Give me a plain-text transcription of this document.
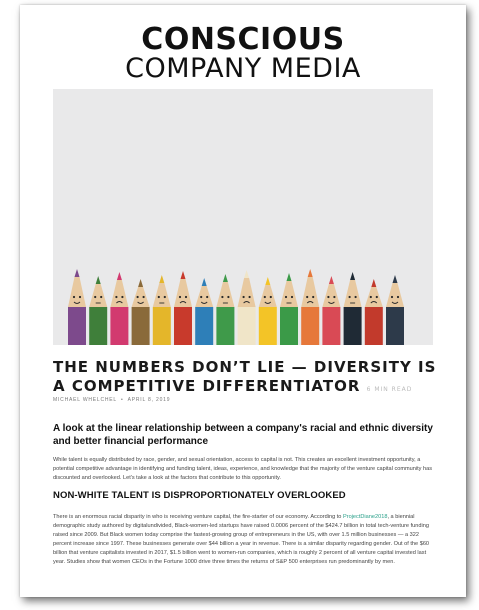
CONSCIOUS
COMPANY MEDIA
THE NUMBERS DON’T LIE — DIVERSITY IS A COMPETITIVE DIFFERENTIATOR 6 MIN READ
MICHAEL WHELCHEL • APRIL 8, 2019
A look at the linear relationship between a company's racial and ethnic diversity and better financial performance

While talent is equally distributed by race, gender, and sexual orientation, access to capital is not. This creates an excellent investment opportunity, a potential competitive advantage in identifying and funding talent, ideas, experience, and knowledge that the majority of the venture capital community has discounted and overlooked. Let's take a look at the factors that contribute to this opportunity.

NON-WHITE TALENT IS DISPROPORTIONATELY OVERLOOKED

There is an enormous racial disparity in who is receiving venture capital, the fire-starter of our economy. According to ProjectDiane2018, a biennial demographic study authored by digitalundivided, Black-women-led startups have raised 0.0006 percent of the $424.7 billion in total tech-venture funding raised since 2009. But Black women today comprise the fastest-growing group of entrepreneurs in the US, with over 1.5 million businesses — a 322 percent increase since 1997. These businesses generate over $44 billion a year in revenue. There is a similar disparity regarding gender. Out of the $60 billion that venture capitalists invested in 2017, $1.5 billion went to women-run companies, which is roughly 2 percent of all venture capital invested last year. Studies show that women CEOs in the Fortune 1000 drive three times the returns of S&P 500 enterprises run predominantly by men.
